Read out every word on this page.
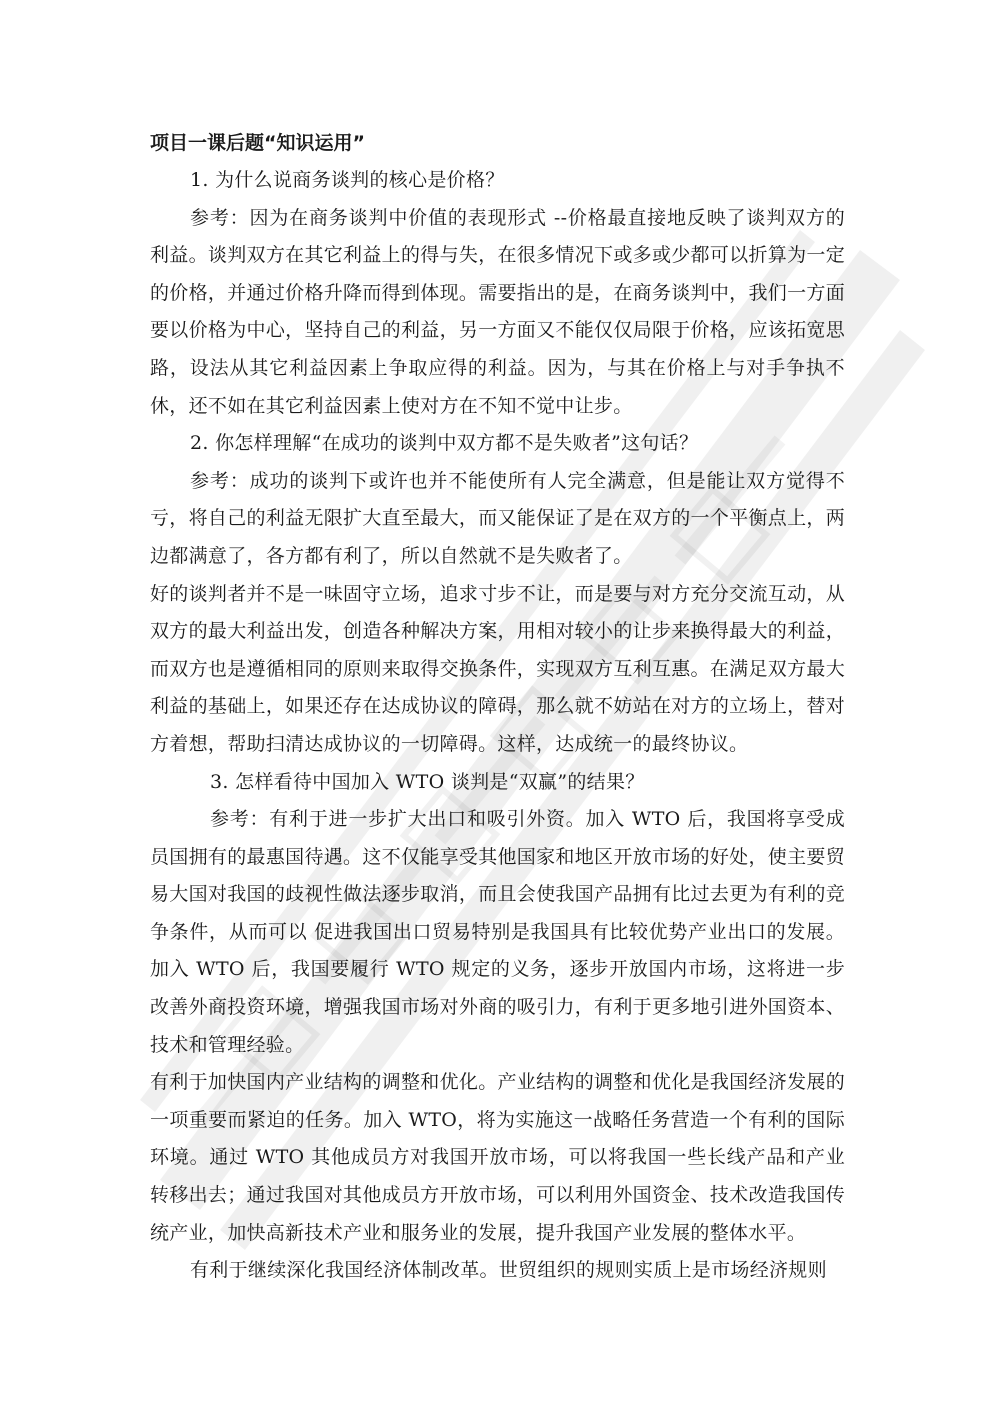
项目一课后题“知识运用”

1. 为什么说商务谈判的核心是价格？

参考：因为在商务谈判中价值的表现形式 --价格最直接地反映了谈判双方的利益。谈判双方在其它利益上的得与失，在很多情况下或多或少都可以折算为一定的价格，并通过价格升降而得到体现。需要指出的是，在商务谈判中，我们一方面要以价格为中心，坚持自己的利益，另一方面又不能仅仅局限于价格，应该拓宽思路，设法从其它利益因素上争取应得的利益。因为，与其在价格上与对手争执不休，还不如在其它利益因素上使对方在不知不觉中让步。

2. 你怎样理解“在成功的谈判中双方都不是失败者”这句话？

参考：成功的谈判下或许也并不能使所有人完全满意，但是能让双方觉得不亏，将自己的利益无限扩大直至最大，而又能保证了是在双方的一个平衡点上，两边都满意了，各方都有利了，所以自然就不是失败者了。

好的谈判者并不是一味固守立场，追求寸步不让，而是要与对方充分交流互动，从双方的最大利益出发，创造各种解决方案，用相对较小的让步来换得最大的利益，而双方也是遵循相同的原则来取得交换条件，实现双方互利互惠。在满足双方最大利益的基础上，如果还存在达成协议的障碍，那么就不妨站在对方的立场上，替对方着想，帮助扫清达成协议的一切障碍。这样，达成统一的最终协议。

3. 怎样看待中国加入 WTO 谈判是“双赢”的结果？

参考：有利于进一步扩大出口和吸引外资。加入 WTO 后，我国将享受成员国拥有的最惠国待遇。这不仅能享受其他国家和地区开放市场的好处，使主要贸易大国对我国的歧视性做法逐步取消，而且会使我国产品拥有比过去更为有利的竞争条件，从而可以 促进我国出口贸易特别是我国具有比较优势产业出口的发展。加入 WTO 后，我国要履行 WTO 规定的义务，逐步开放国内市场，这将进一步改善外商投资环境，增强我国市场对外商的吸引力，有利于更多地引进外国资本、技术和管理经验。

有利于加快国内产业结构的调整和优化。产业结构的调整和优化是我国经济发展的一项重要而紧迫的任务。加入 WTO，将为实施这一战略任务营造一个有利的国际环境。通过 WTO 其他成员方对我国开放市场，可以将我国一些长线产品和产业转移出去；通过我国对其他成员方开放市场，可以利用外国资金、技术改造我国传统产业，加快高新技术产业和服务业的发展，提升我国产业发展的整体水平。

有利于继续深化我国经济体制改革。世贸组织的规则实质上是市场经济规则
